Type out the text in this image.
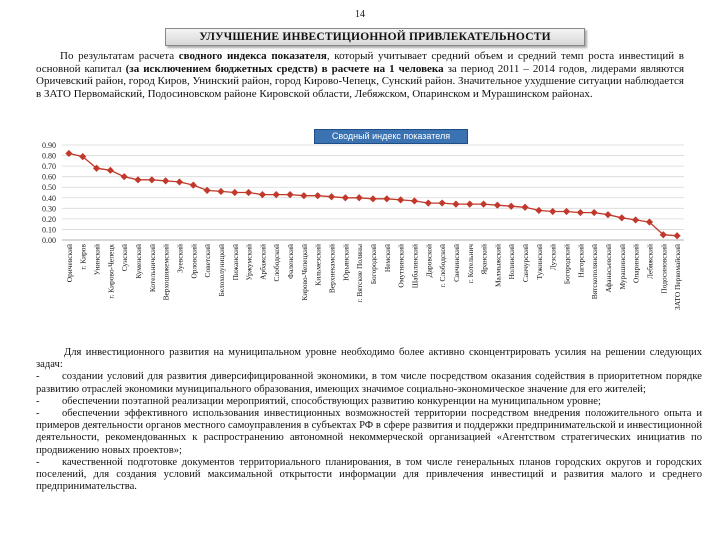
14
УЛУЧШЕНИЕ ИНВЕСТИЦИОННОЙ ПРИВЛЕКАТЕЛЬНОСТИ

По результатам расчета сводного индекса показателя, который учитывает средний объем и средний темп роста инвестиций в основной капитал (за исключением бюджетных средств) в расчете на 1 человека за период 2011 – 2014 годов, лидерами являются Оричевский район, город Киров, Унинский район, город Кирово-Чепецк, Сунский район. Значительное ухудшение ситуации наблюдается в ЗАТО Первомайский, Подосиновском районе Кировской области, Лебяжском, Опаринском и Мурашинском районах.

0.00
0.10
0.20
0.30
0.40
0.50
0.60
0.70
0.80
0.90
Оричевский г. Киров Унинский г. Кирово-Чепецк Сунский Куменский Котельничский Верхошижемский Зуевский Орловский Советский Белохолуницкий Пижанский Уржумский Арбажский Слободской Фаленский Кирово-Чепецкий Кильмезский Верхнекамский Юрьянский г. Вятские Поляны Богородский Немский Омутнинский Шабалинский Даровской г. Слободской Свечинский г. Котельнич Яранский Малмыжский Нолинский Санчурский Тужинский Лузский Богородский Нагорский Вятскополянский Афанасьевский Мурашинский Опаринский Лебяжский Подосиновский ЗАТО Первомайский
Сводный индекс показателя

Для инвестиционного развития на муниципальном уровне необходимо более активно сконцентрировать усилия на решении следующих задач:

- создании условий для развития диверсифицированной экономики, в том числе посредством оказания содействия в приоритетном порядке развитию отраслей экономики муниципального образования, имеющих значимое социально-экономическое значение для его жителей;

- обеспечении поэтапной реализации мероприятий, способствующих развитию конкуренции на муниципальном уровне;

- обеспечении эффективного использования инвестиционных возможностей территории посредством внедрения положительного опыта и примеров деятельности органов местного самоуправления в субъектах РФ в сфере развития и поддержки предпринимательской и инвестиционной деятельности, рекомендованных к распространению автономной некоммерческой организацией «Агентством стратегических инициатив по продвижению новых проектов»;

- качественной подготовке документов территориального планирования, в том числе генеральных планов городских округов и городских поселений, для создания условий максимальной открытости информации для привлечения инвестиций и развития малого и среднего предпринимательства.
